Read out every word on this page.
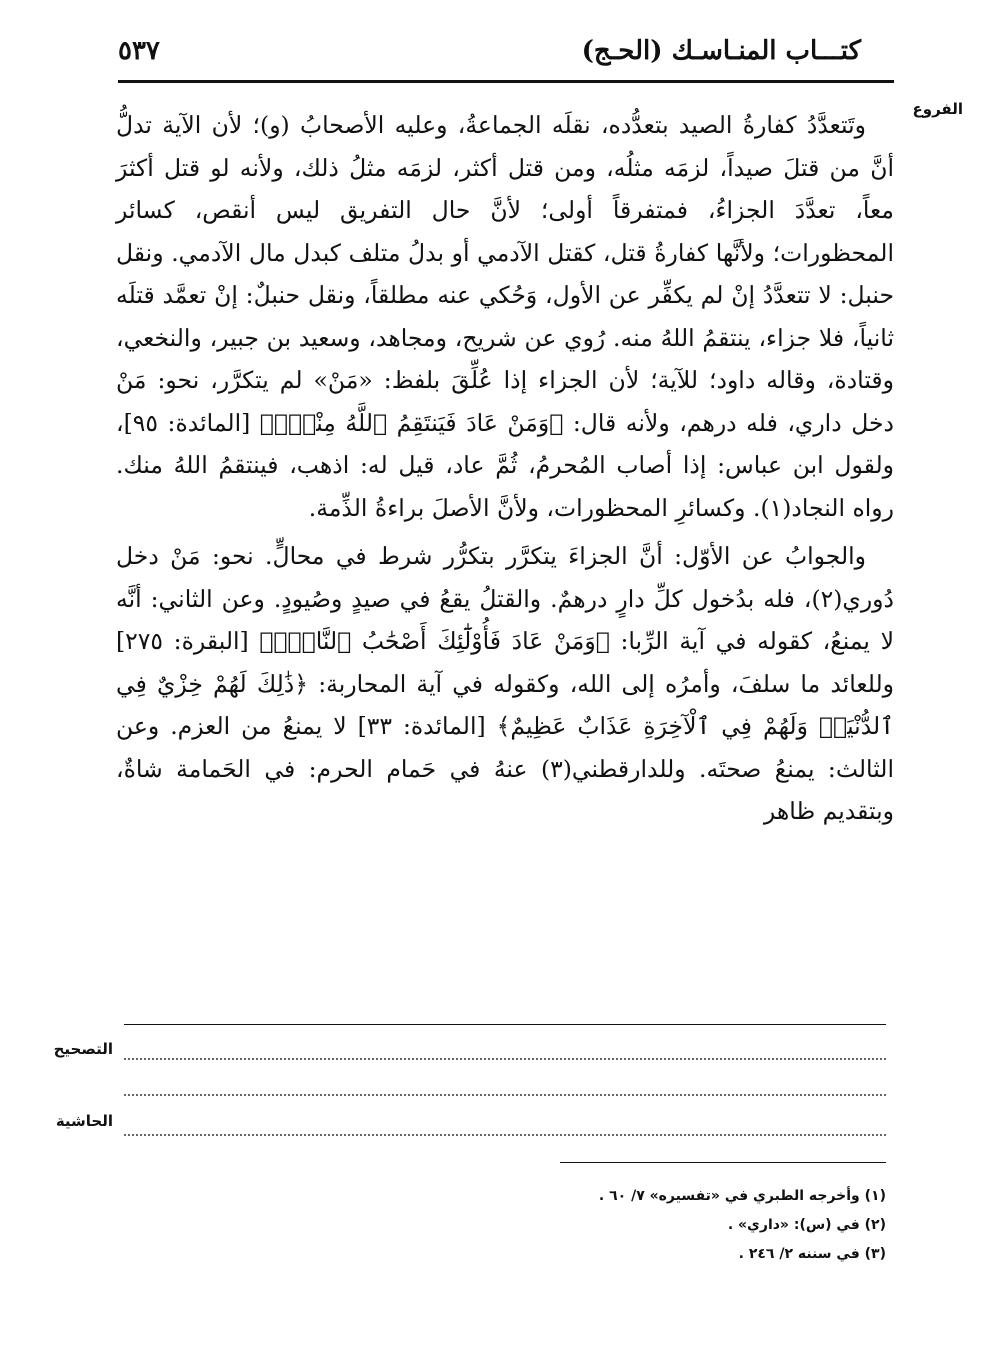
كتـــاب المنـاسـك (الحـج)
٥٣٧
الفروع

وتَتعدَّدُ كفارةُ الصيد بتعدُّده، نقلَه الجماعةُ، وعليه الأصحابُ (و)؛ لأن الآية تدلُّ أنَّ من قتلَ صيداً، لزمَه مثلُه، ومن قتل أكثر، لزمَه مثلُ ذلك، ولأنه لو قتل أكثرَ معاً، تعدَّدَ الجزاءُ، فمتفرقاً أولى؛ لأنَّ حال التفريق ليس أنقص، كسائر المحظورات؛ ولأنَّها كفارةُ قتل، كقتل الآدمي أو بدلُ متلف كبدل مال الآدمي. ونقل حنبل: لا تتعدَّدُ إنْ لم يكفِّر عن الأول، وَحُكي عنه مطلقاً، ونقل حنبلٌ: إنْ تعمَّد قتلَه ثانياً، فلا جزاء، ينتقمُ اللهُ منه. رُوي عن شريح، ومجاهد، وسعيد بن جبير، والنخعي، وقتادة، وقاله داود؛ للآية؛ لأن الجزاء إذا عُلِّقَ بلفظ: «مَنْ» لم يتكرَّر، نحو: مَنْ دخل داري، فله درهم، ولأنه قال: ﴿وَمَنْ عَادَ فَيَنتَقِمُ ٱللَّهُ مِنْهُۚ﴾ [المائدة: ٩٥]، ولقول ابن عباس: إذا أصاب المُحرمُ، ثُمَّ عاد، قيل له: اذهب، فينتقمُ اللهُ منك. رواه النجاد(١). وكسائرِ المحظورات، ولأنَّ الأصلَ براءةُ الذِّمة.

والجوابُ عن الأوّل: أنَّ الجزاءَ يتكرَّر بتكرُّر شرط في محالٍّ. نحو: مَنْ دخل دُوري(٢)، فله بدُخول كلِّ دارٍ درهمٌ. والقتلُ يقعُ في صيدٍ وصُيودٍ. وعن الثاني: أنَّه لا يمنعُ، كقوله في آية الرِّبا: ﴿وَمَنْ عَادَ فَأُوْلَٰٓئِكَ أَصْحَٰبُ ٱلنَّارِۖ﴾ [البقرة: ٢٧٥] وللعائد ما سلفَ، وأمرُه إلى الله، وكقوله في آية المحاربة: ﴿ذَٰلِكَ لَهُمْ خِزْيٌ فِي ٱلدُّنْيَاۖ وَلَهُمْ فِي ٱلْآخِرَةِ عَذَابٌ عَظِيمٌ﴾ [المائدة: ٣٣] لا يمنعُ من العزم. وعن الثالث: يمنعُ صحتَه. وللدارقطني(٣) عنهُ في حَمام الحرم: في الحَمامة شاةٌ، وبتقديم ظاهر

التصحيح
الحاشية
(١) وأخرجه الطبري في «تفسيره» ٧/ ٦٠ .
(٢) في (س): «داري» .
(٣) في سننه ٢/ ٢٤٦ .
